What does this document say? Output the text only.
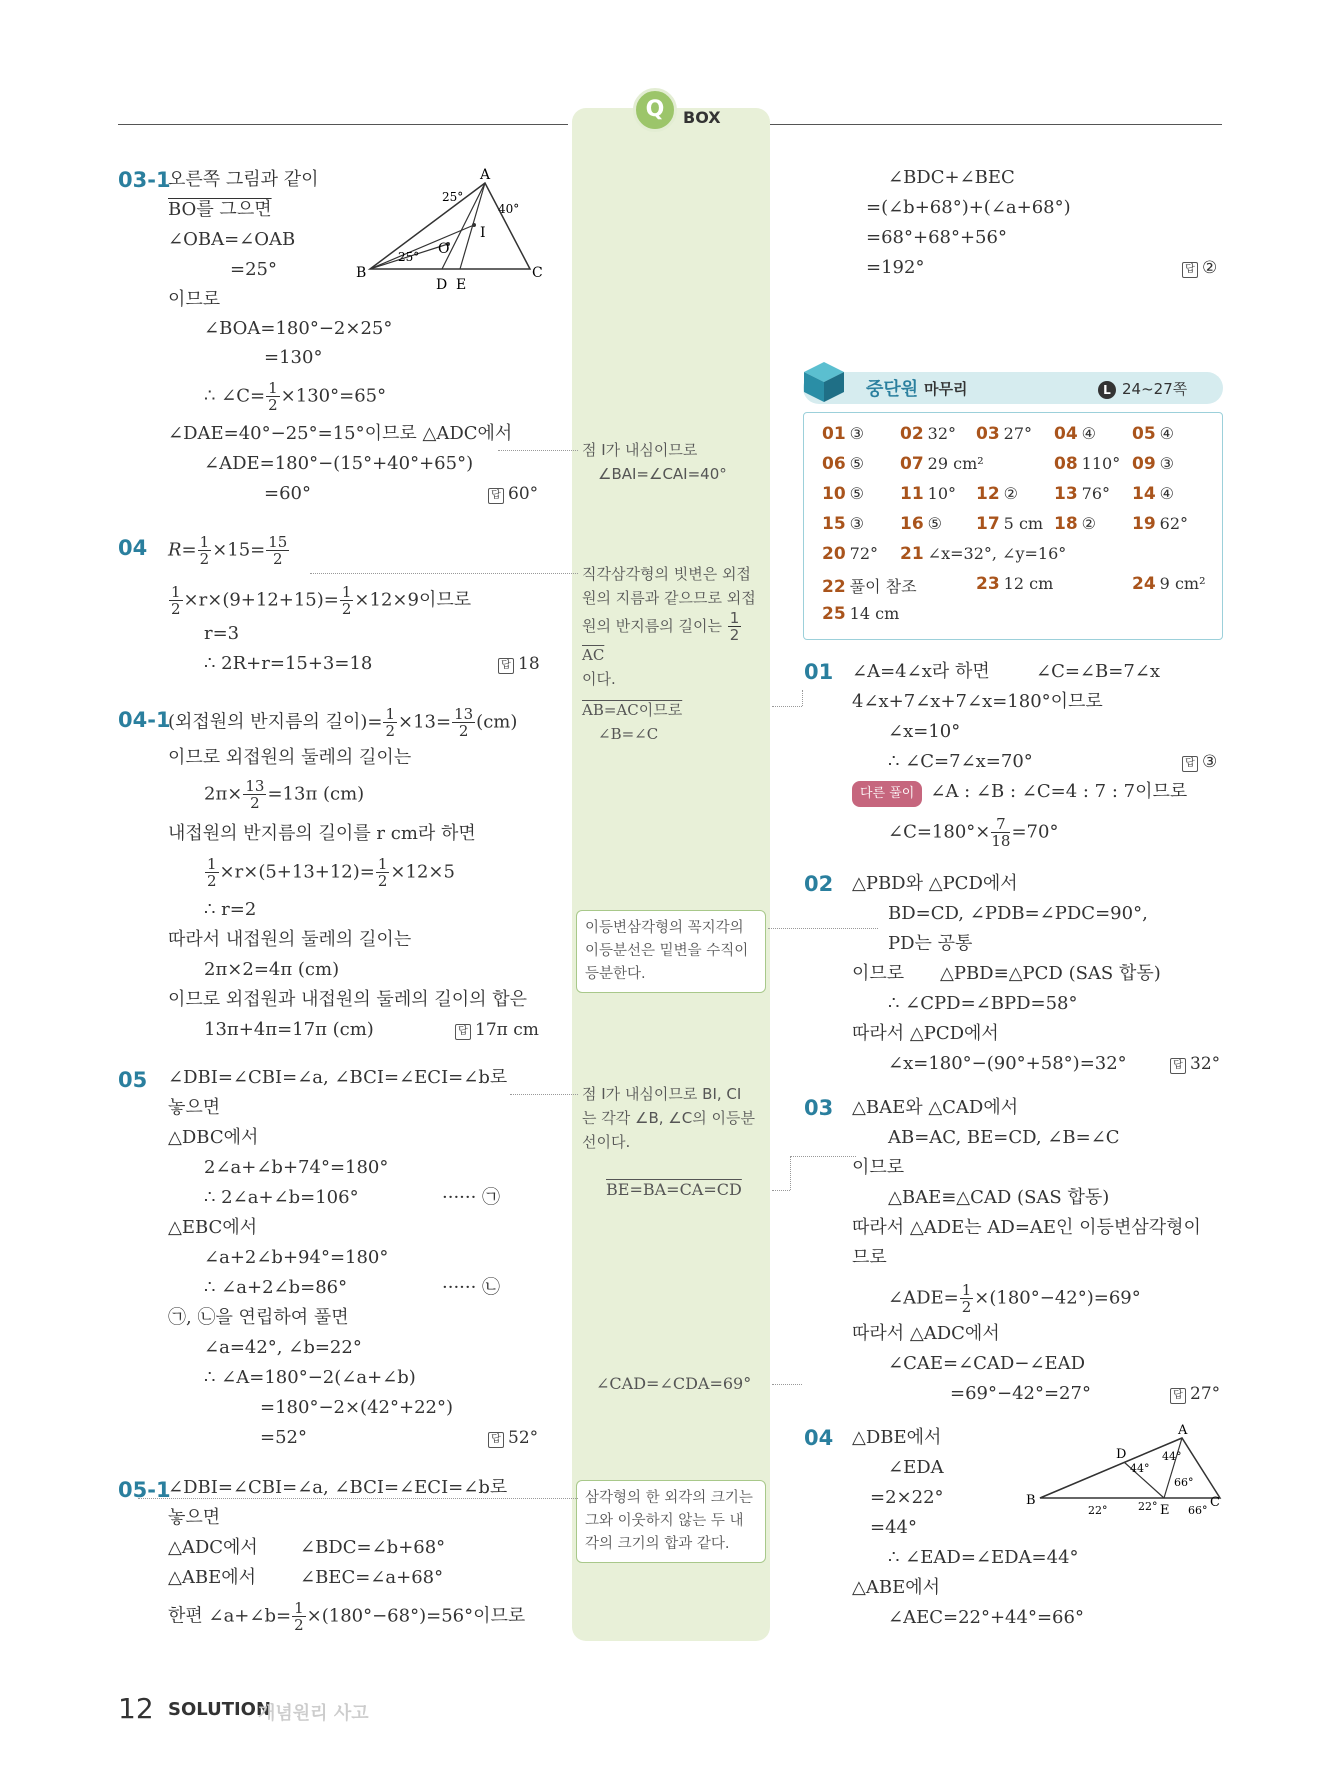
Q	BOX
03-1
오른쪽 그림과 같이
BO를 그으면
∠OBA=∠OAB
=25°
이므로
∠BOA=180°−2×25°
=130°
∴ ∠C= $\frac{1}{2} \times 130^\circ=65^\circ$
∠DAE=40°−25°=15°이므로 △ADC에서
∠ADE=180°−(15°+40°+65°)
=60°	답 60°
A
25°
40°
I
O
25°
B
D E
C
04 $R= \frac{1}{2} \times 15= \frac{15}{2}$
$\frac{1}{2} \times r\times(9+12+15)= \frac{1}{2} \times 12\times 9$이므로
r=3
∴ 2R+r=15+3=18	답 18
04-1
(외접원의 반지름의 길이)= $\frac{1}{2} \times 13= \frac{13}{2} (cm)$
이므로 외접원의 둘레의 길이는
$2\pi\times \frac{13}{2} =13\pi$ (cm)
내접원의 반지름의 길이를 r cm라 하면
$\frac{1}{2} \times r\times(5+13+12)= \frac{1}{2} \times 12\times 5$
∴ r=2
따라서 내접원의 둘레의 길이는
2π×2=4π (cm)
이므로 외접원과 내접원의 둘레의 길이의 합은
13π+4π=17π (cm)	답 17π cm
05 ∠DBI=∠CBI=∠a, ∠BCI=∠ECI=∠b로
놓으면
△DBC에서
2∠a+∠b+74°=180°
∴ 2∠a+∠b=106°	······ ㉠
△EBC에서
∠a+2∠b+94°=180°
∴ ∠a+2∠b=86°	······ ㉡
㉠, ㉡을 연립하여 풀면
∠a=42°, ∠b=22°
∴ ∠A=180°−2(∠a+∠b)
=180°−2×(42°+22°)
=52°	답 52°
05-1
∠DBI=∠CBI=∠a, ∠BCI=∠ECI=∠b로
놓으면
△ADC에서 ∠BDC=∠b+68°
△ABE에서 ∠BEC=∠a+68°
한편 ∠a+∠b= $\frac{1}{2} \times(180^\circ-68^\circ)=56^\circ$이므로
점 I가 내심이므로
∠BAI=∠CAI=40°
직각삼각형의 빗변은 외접
원의 지름과 같으므로 외접
원의 반지름의 길이는 $\frac{1}{2}$
$\overline{AC}$
이다.
AB=AC이므로
∠B=∠C
이등변삼각형의 꼭지각의
이등분선은 밑변을 수직이
등분한다.
점 I가 내심이므로 BI, CI
는 각각 ∠B, ∠C의 이등분
선이다.
BE=BA=CA=CD
∠CAD=∠CDA=69°
삼각형의 한 외각의 크기는
그와 이웃하지 않는 두 내
각의 크기의 합과 같다.
∠BDC+∠BEC
=(∠b+68°)+(∠a+68°)
=68°+68°+56°
=192°	답 ②
중단원 마무리	L 24~27쪽
01 ③ 02 32° 03 27° 04 ④ 05 ④
06 ⑤ 07 29 cm²	08 110° 09 ③
10 ⑤ 11 10° 12 ② 13 76° 14 ④
15 ③ 16 ⑤ 17 5 cm 18 ② 19 62°
20 72° 21 ∠x=32°, ∠y=16°
22 풀이 참조	23 12 cm	24 9 cm²
25 14 cm
01 ∠A=4∠x라 하면	∠C=∠B=7∠x
4∠x+7∠x+7∠x=180°이므로
∠x=10°
∴ ∠C=7∠x=70°	답 ③
다른 풀이 ∠A : ∠B : ∠C=4 : 7 : 7이므로
∠C=180°× $\frac{7}{18} =70^\circ$
02 △PBD와 △PCD에서
BD=CD, ∠PDB=∠PDC=90°,
PD는 공통
이므로 △PBD≡△PCD (SAS 합동)
∴ ∠CPD=∠BPD=58°
따라서 △PCD에서
∠x=180°−(90°+58°)=32°	답 32°
03 △BAE와 △CAD에서
AB=AC, BE=CD, ∠B=∠C
이므로
△BAE≡△CAD (SAS 합동)
따라서 △ADE는 AD=AE인 이등변삼각형이
므로
∠ADE= $\frac{1}{2} \times(180^\circ-42^\circ)=69^\circ$
따라서 △ADC에서
∠CAE=∠CAD−∠EAD
=69°−42°=27°	답 27°
04 △DBE에서
∠EDA
=2×22°
=44°
∴ ∠EAD=∠EDA=44°
△ABE에서
∠AEC=22°+44°=66°
A
D
44°
44°
66°
B
22°	22° E 66°
C
12 SOLUTION
개념원리 사고
